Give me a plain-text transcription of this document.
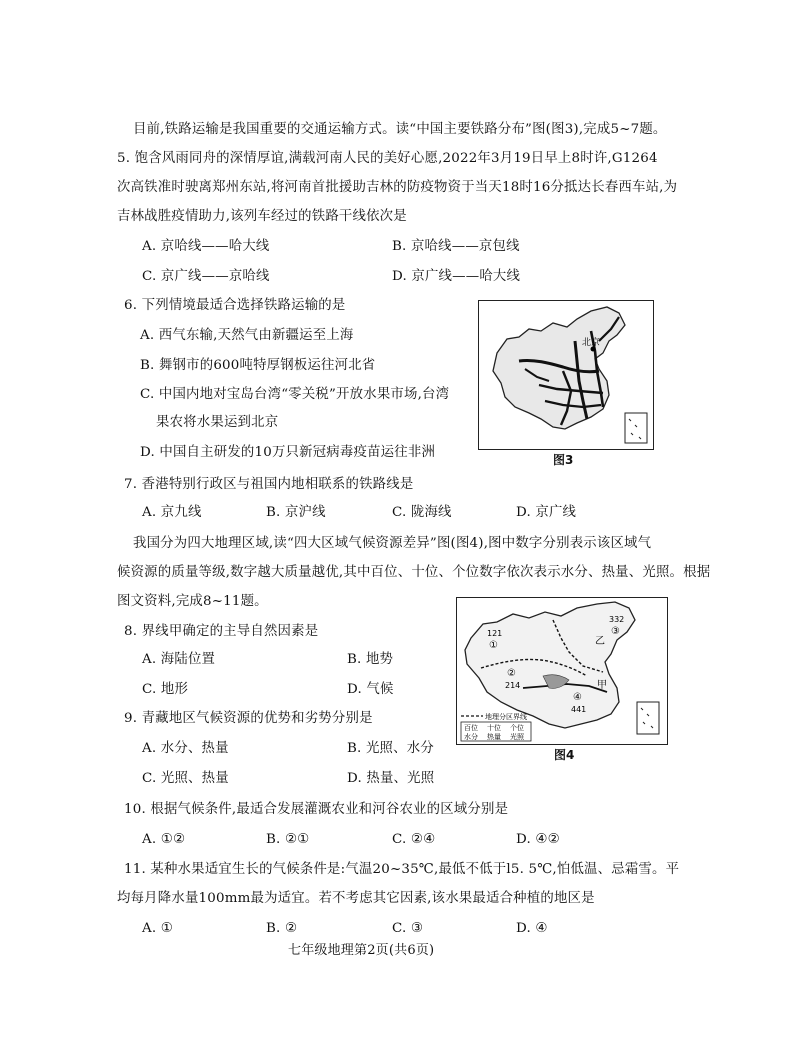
目前,铁路运输是我国重要的交通运输方式。读“中国主要铁路分布”图(图3),完成5~7题。
5. 饱含风雨同舟的深情厚谊,满载河南人民的美好心愿,2022年3月19日早上8时许,G1264
次高铁准时驶离郑州东站,将河南首批援助吉林的防疫物资于当天18时16分抵达长春西车站,为
吉林战胜疫情助力,该列车经过的铁路干线依次是
A. 京哈线——哈大线	B. 京哈线——京包线
C. 京广线——京哈线	D. 京广线——哈大线
6. 下列情境最适合选择铁路运输的是
A. 西气东输,天然气由新疆运至上海
B. 舞钢市的600吨特厚钢板运往河北省
C. 中国内地对宝岛台湾“零关税”开放水果市场,台湾
果农将水果运到北京
D. 中国自主研发的10万只新冠病毒疫苗运往非洲
北京
图3
7. 香港特别行政区与祖国内地相联系的铁路线是
A. 京九线	B. 京沪线	C. 陇海线	D. 京广线
我国分为四大地理区域,读“四大区域气候资源差异”图(图4),图中数字分别表示该区域气
候资源的质量等级,数字越大质量越优,其中百位、十位、个位数字依次表示水分、热量、光照。根据
图文资料,完成8~11题。
8. 界线甲确定的主导自然因素是
A. 海陆位置	B. 地势
C. 地形	D. 气候
9. 青藏地区气候资源的优势和劣势分别是
A. 水分、热量	B. 光照、水分
C. 光照、热量	D. 热量、光照
121
①
332
③
乙
②
214	甲
④
441
地理分区界线
百位 十位 个位
水分 热量 光照
图4
10. 根据气候条件,最适合发展灌溉农业和河谷农业的区域分别是
A. ①②	B. ②①	C. ②④	D. ④②
11. 某种水果适宜生长的气候条件是:气温20~35℃,最低不低于l5. 5℃,怕低温、忌霜雪。平
均每月降水量100mm最为适宜。若不考虑其它因素,该水果最适合种植的地区是
A. ①	B. ②	C. ③	D. ④
七年级地理第2页(共6页)
